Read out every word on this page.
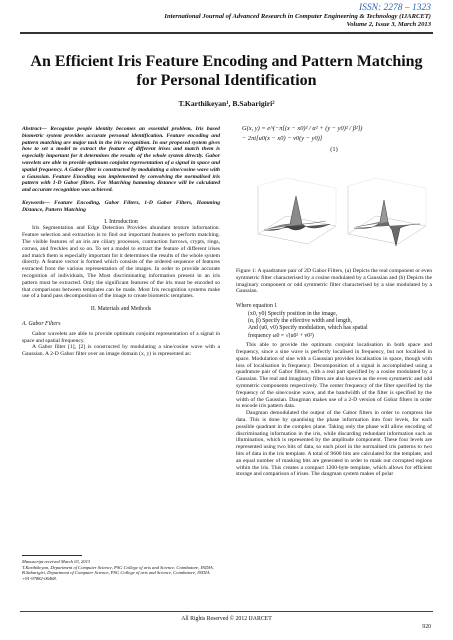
ISSN: 2278 – 1323
International Journal of Advanced Research in Computer Engineering & Technology (IJARCET)
Volume 2, Issue 3, March 2013
An Efficient Iris Feature Encoding and Pattern Matching for Personal Identification
T.Karthikeyan¹, B.Sabarigiri²

Abstract— Recognize people identity becomes an essential problem, Iris based biometric system provides accurate personal identification. Feature encoding and pattern matching are major task in the iris recognition. In our proposed system gives how to set a model to extract the feature of different irises and match them is especially important for it determines the results of the whole system directly. Gabor wavelets are able to provide optimum conjoint representation of a signal in space and spatial frequency. A Gabor filter is constructed by modulating a sine/cosine wave with a Gaussian. Feature Encoding was implemented by convolving the normalised iris pattern with 1-D Gabor filters. For Matching hamming distance will be calculated and accurate recognition was achieved.

Keywords— Feature Encoding, Gabor Filters, 1-D Gabor Filters, Hamming Distance, Pattern Matching

I. Introduction

Iris Segmentation and Edge Detection Provides abundant texture information. Feature selection and extraction is to find out important features to perform matching. The visible features of an iris are ciliary processes, contraction furrows, crypts, rings, cornea, and freckles and so on. To set a model to extract the feature of different irises and match them is especially important for it determines the results of the whole system directly. A feature vector is formed which consists of the ordered sequence of features extracted from the various representation of the images. In order to provide accurate recognition of individuals, The Most discriminating information present in an iris pattern must be extracted. Only the significant features of the iris must be encoded so that comparisons between templates can be made. Most Iris recognition systems make use of a band pass decomposition of the image to create biometric templates.

II. Materials and Methods
A. Gabor Filters

Gabor wavelets are able to provide optimum conjoint representation of a signal in space and spatial frequency.

A Gabor filter [1], [2] is constructed by modulating a sine/cosine wave with a Gaussian. A 2-D Gabor filter over an image domain (x, y) is represented as:

Manuscript received March 03, 2013
T.Karthikeyan, Department of Computer Science, PSG College of arts and Science. Coimbatore, INDIA.
B.Sabarigiri, Department of Computer Science, PSG College of arts and Science, Coimbatore, INDIA. +91-97882-06468.
G(x, y) = e^(−π[(x − x0)² / α² + (y − y0)² / β²])
− 2πi[u0(x − x0) − v0(y − y0)]
(1)

Figure 1: A quadrature pair of 2D Gabor Filters, (a) Depicts the real component or even symmetric filter characterised by a cosine modulated by a Gaussian and (b) Depicts the imaginary component or odd symmetric filter characterised by a sine modulated by a Gaussian.

Where equation 1
(x0, y0) Specify position in the image,
(α, β) Specify the effective width and length,
And (u0, v0) Specify modulation, which has spatial
frequency ω0 = √(u0² + v0²)

This able to provide the optimum conjoint localisation in both space and frequency, since a sine wave is perfectly localised in frequency, but not localised in space. Modulation of sine with a Gaussian provides localisation in space, though with loss of localisation in frequency. Decomposition of a signal is accomplished using a quadrature pair of Gabor filters, with a real part specified by a cosine modulated by a Gaussian. The real and imaginary filters are also known as the even symmetric and odd symmetric components respectively. The center frequency of the filter specified by the frequency of the sine/cosine wave, and the bandwidth of the filter is specified by the width of the Gaussian. Daugman makes use of a 2-D version of Gobar filters in order to encode iris pattern data.

Daugman demodulated the output of the Gabor filters in order to compress the data. This is done by quantising the phase information into four levels, for each possible quadrant in the complex plane. Taking only the phase will allow encoding of discriminating information in the iris, while discarding redundant information such as illumination, which is represented by the amplitude component. These four levels are represented using two bits of data, so each pixel in the normalised iris patterns to two bits of data in the iris template. A total of 9600 bits are calculated for the template, and an equal number of masking bits are generated in order to mask out corrupted regions within the iris. This creates a compact 1200-byte template, which allows for efficient storage and comparison of irises. The daugman system makes of polar

All Rights Reserved © 2012 IJARCET
920
